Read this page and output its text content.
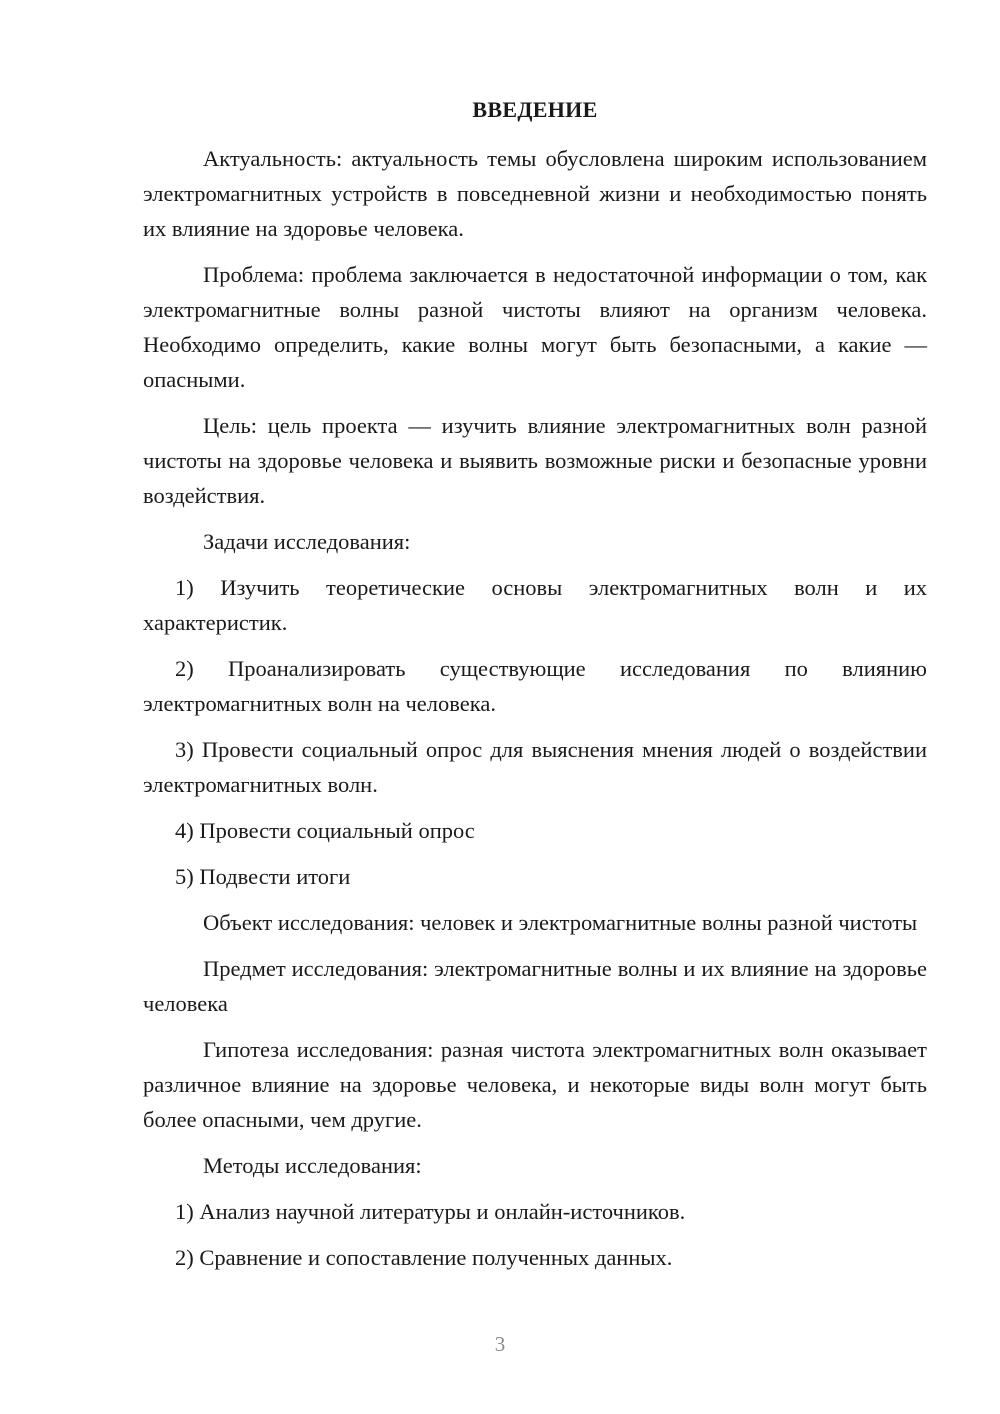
ВВЕДЕНИЕ

Актуальность: актуальность темы обусловлена широким использованием электромагнитных устройств в повседневной жизни и необходимостью понять их влияние на здоровье человека.

Проблема: проблема заключается в недостаточной информации о том, как электромагнитные волны разной чистоты влияют на организм человека. Необходимо определить, какие волны могут быть безопасными, а какие — опасными.

Цель: цель проекта — изучить влияние электромагнитных волн разной чистоты на здоровье человека и выявить возможные риски и безопасные уровни воздействия.

Задачи исследования:

1) Изучить теоретические основы электромагнитных волн и их характеристик.

2) Проанализировать существующие исследования по влиянию электромагнитных волн на человека.

3) Провести социальный опрос для выяснения мнения людей о воздействии электромагнитных волн.

4) Провести социальный опрос

5) Подвести итоги

Объект исследования: человек и электромагнитные волны разной чистоты

Предмет исследования: электромагнитные волны и их влияние на здоровье человека

Гипотеза исследования: разная чистота электромагнитных волн оказывает различное влияние на здоровье человека, и некоторые виды волн могут быть более опасными, чем другие.

Методы исследования:

1) Анализ научной литературы и онлайн-источников.

2) Сравнение и сопоставление полученных данных.

3
